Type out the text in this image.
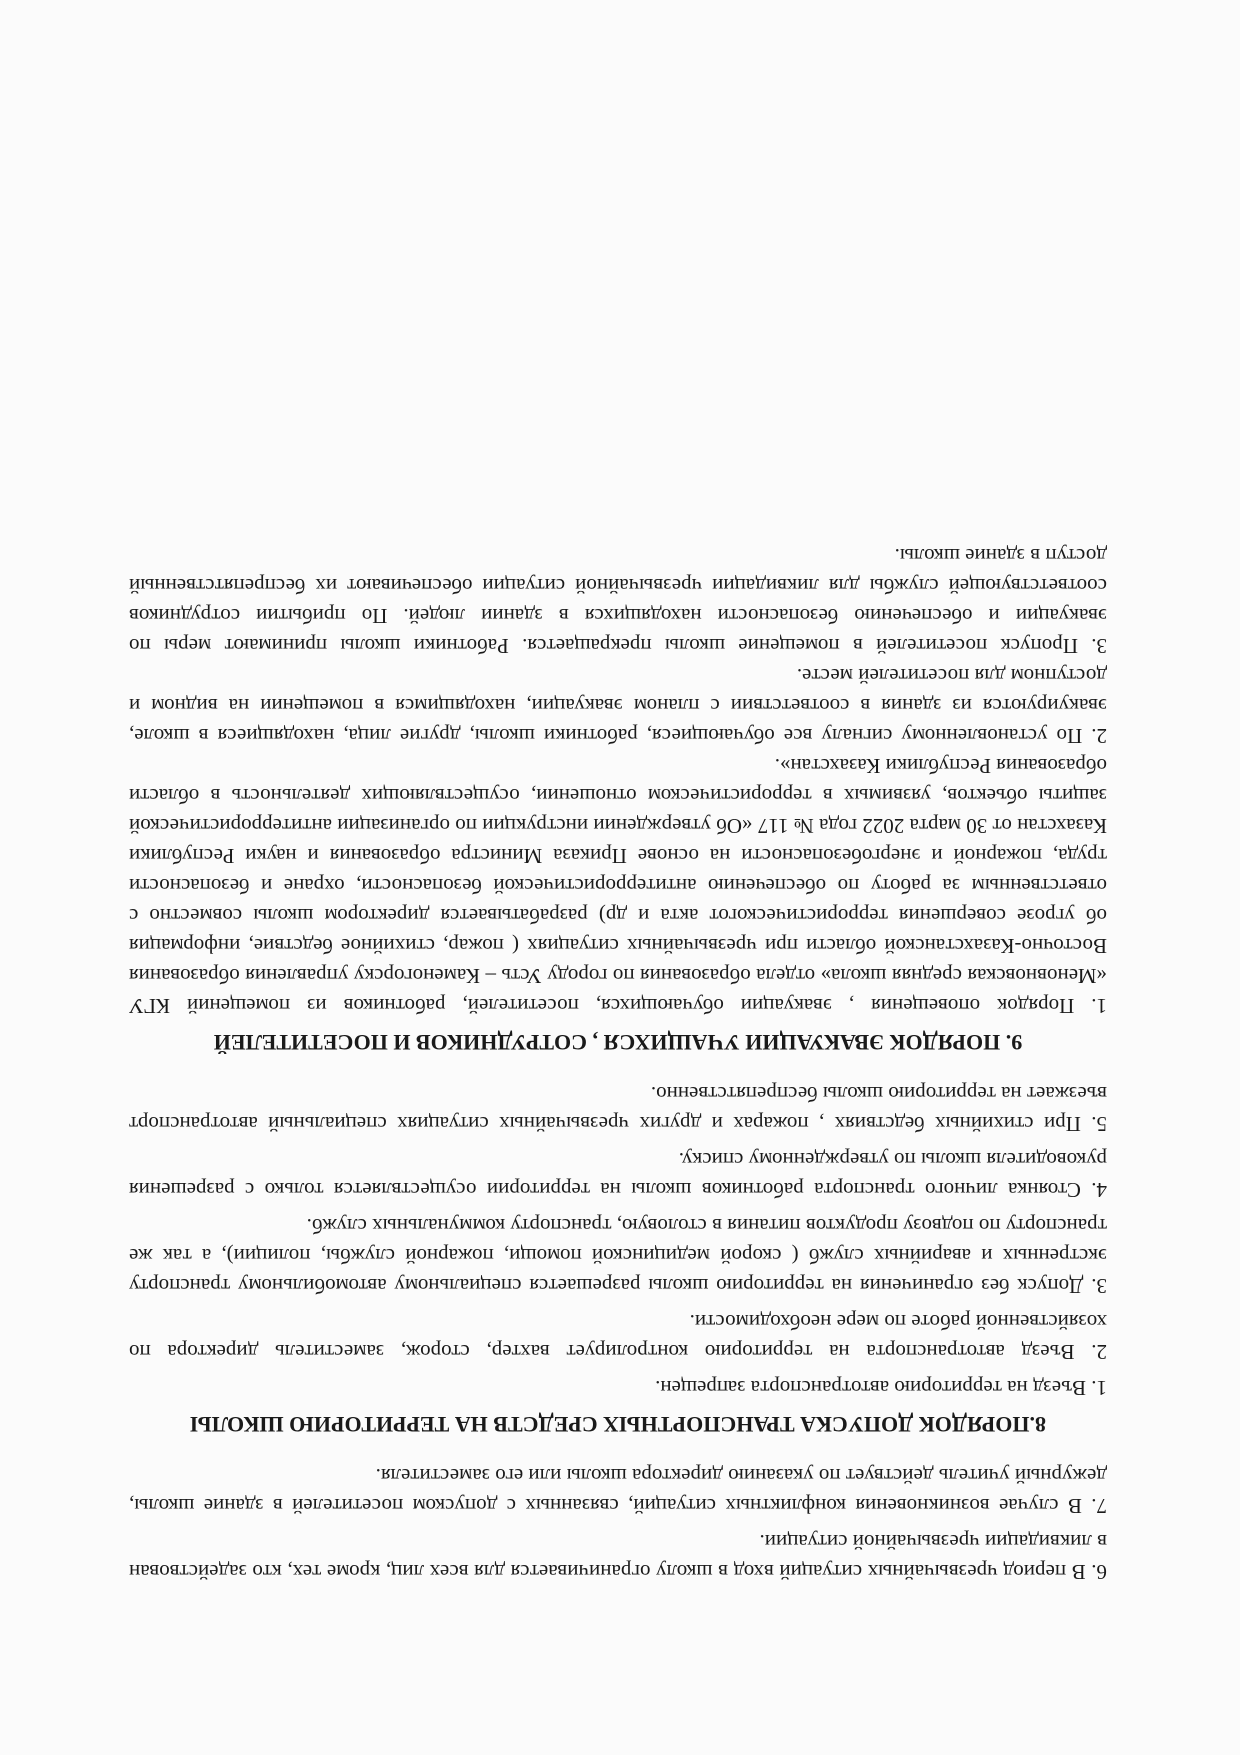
6. В период чрезвычайных ситуаций вход в школу ограничивается для всех лиц, кроме тех, кто задействован в ликвидации чрезвычайной ситуации.

7. В случае возникновения конфликтных ситуаций, связанных с допуском посетителей в здание школы, дежурный учитель действует по указанию директора школы или его заместителя.

8.ПОРЯДОК ДОПУСКА ТРАНСПОРТНЫХ СРЕДСТВ НА ТЕРРИТОРИЮ ШКОЛЫ

1. Въезд на территорию автотранспорта запрещен.

2. Въезд автотранспорта на территорию контролирует вахтер, сторож, заместитель директора по хозяйственной работе по мере необходимости.

3. Допуск без ограничения на территорию школы разрешается специальному автомобильному транспорту экстренных и аварийных служб ( скорой медицинской помощи, пожарной службы, полиции), а так же транспорту по подвозу продуктов питания в столовую, транспорту коммунальных служб.

4. Стоянка личного транспорта работников школы на территории осуществляется только с разрешения руководителя школы по утвержденному списку.

5. При стихийных бедствиях , пожарах и других чрезвычайных ситуациях специальный автотранспорт въезжает на территорию школы беспрепятственно.

9. ПОРЯДОК ЭВАКУАЦИИ УЧАЩИХСЯ , СОТРУДНИКОВ И ПОСЕТИТЕЛЕЙ

1. Порядок оповещения , эвакуации обучающихся, посетителей, работников из помещений КГУ «Меновновская средняя школа» отдела образования по городу Усть – Каменогорску управления образования Восточно-Казахстанской области при чрезвычайных ситуациях ( пожар, стихийное бедствие, информация об угрозе совершения террористическогот акта и др) разрабатывается директором школы совместно с ответственным за работу по обеспечению антитеррористической безопасности, охране и безопасности труда, пожарной и энергобезопасности на основе Приказа Министра образования и науки Республики Казахстан от 30 марта 2022 года № 117 «Об утверждении инструкции по организации антитеррористической защиты объектов, уязвимых в террористическом отношении, осуществляющих деятельность в области образования Республики Казахстан».

2. По установленному сигналу все обучающиеся, работники школы, другие лица, находящиеся в школе, эвакуируются из здания в соответствии с планом эвакуации, находящимся в помещении на видном и доступном для посетителей месте.

3. Пропуск посетителей в помещение школы прекращается. Работники школы принимают меры по эвакуации и обеспечению безопасности находящихся в здании людей. По прибытии сотрудников соответствующей службы для ликвидации чрезвычайной ситуации обеспечивают их беспрепятственный доступ в здание школы.
